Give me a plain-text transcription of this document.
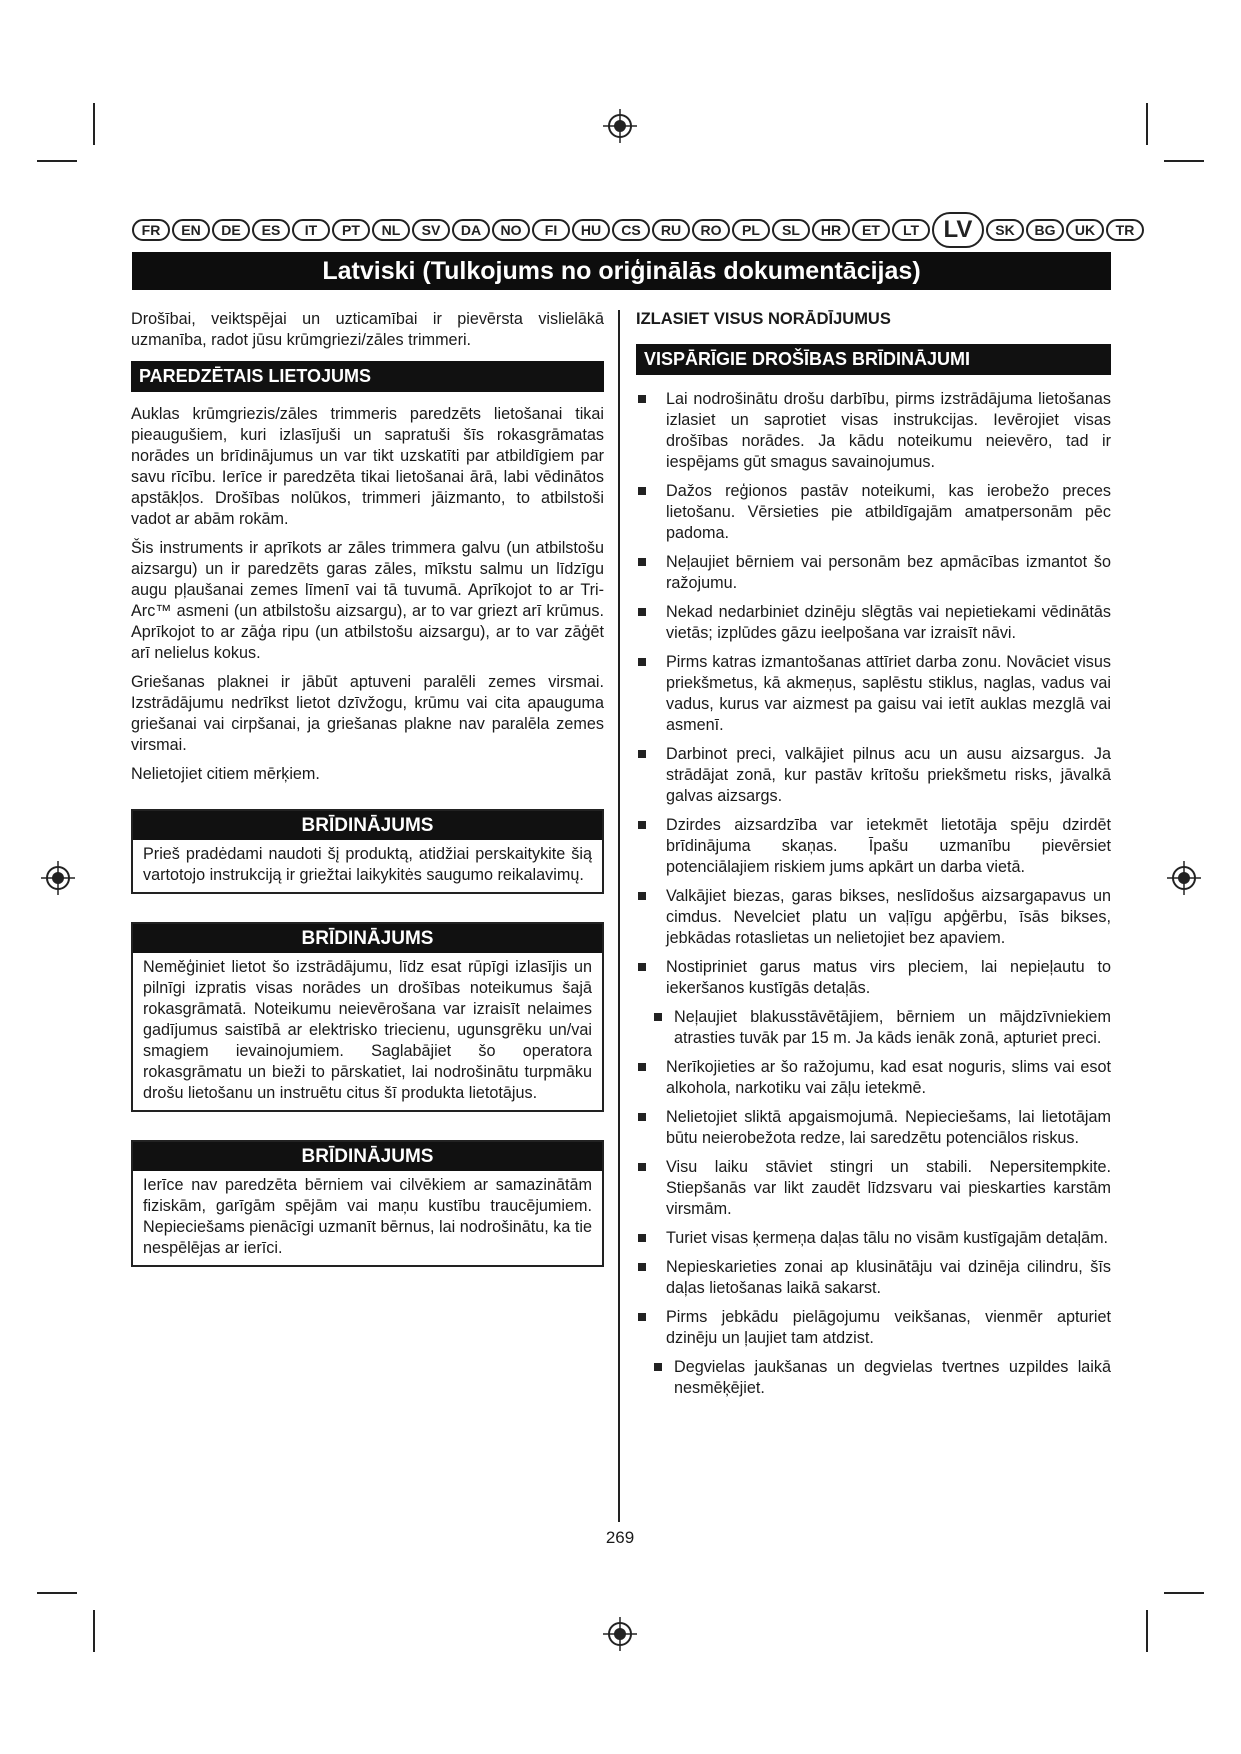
FR	EN	DE	ES	IT	PT	NL	SV	DA	NO	FI	HU	CS	RU	RO	PL	SL	HR	ET	LT	LV	SK	BG	UK	TR
Latviski (Tulkojums no oriģinālās dokumentācijas)

Drošībai, veiktspējai un uzticamībai ir pievērsta vislielākā uzmanība, radot jūsu krūmgriezi/zāles trimmeri.

PAREDZĒTAIS LIETOJUMS

Auklas krūmgriezis/zāles trimmeris paredzēts lietošanai tikai pieaugušiem, kuri izlasījuši un sapratuši šīs rokasgrāmatas norādes un brīdinājumus un var tikt uzskatīti par atbildīgiem par savu rīcību. Ierīce ir paredzēta tikai lietošanai ārā, labi vēdinātos apstākļos. Drošības nolūkos, trimmeri jāizmanto, to atbilstoši vadot ar abām rokām.

Šis instruments ir aprīkots ar zāles trimmera galvu (un atbilstošu aizsargu) un ir paredzēts garas zāles, mīkstu salmu un līdzīgu augu pļaušanai zemes līmenī vai tā tuvumā. Aprīkojot to ar Tri-Arc™ asmeni (un atbilstošu aizsargu), ar to var griezt arī krūmus. Aprīkojot to ar zāģa ripu (un atbilstošu aizsargu), ar to var zāģēt arī nelielus kokus.

Griešanas plaknei ir jābūt aptuveni paralēli zemes virsmai. Izstrādājumu nedrīkst lietot dzīvžogu, krūmu vai cita apauguma griešanai vai cirpšanai, ja griešanas plakne nav paralēla zemes virsmai.

Nelietojiet citiem mērķiem.

BRĪDINĀJUMS

Prieš pradėdami naudoti šį produktą, atidžiai perskaitykite šią vartotojo instrukciją ir griežtai laikykitės saugumo reikalavimų.

BRĪDINĀJUMS

Neměģiniet lietot šo izstrādājumu, līdz esat rūpīgi izlasījis un pilnīgi izpratis visas norādes un drošības noteikumus šajā rokasgrāmatā. Noteikumu neievērošana var izraisīt nelaimes gadījumus saistībā ar elektrisko triecienu, ugunsgrēku un/vai smagiem ievainojumiem. Saglabājiet šo operatora rokasgrāmatu un bieži to pārskatiet, lai nodrošinātu turpmāku drošu lietošanu un instruētu citus šī produkta lietotājus.

BRĪDINĀJUMS

Ierīce nav paredzēta bērniem vai cilvēkiem ar samazinātām fiziskām, garīgām spējām vai maņu kustību traucējumiem. Nepieciešams pienācīgi uzmanīt bērnus, lai nodrošinātu, ka tie nespēlējas ar ierīci.

IZLASIET VISUS NORĀDĪJUMUS
VISPĀRĪGIE DROŠĪBAS BRĪDINĀJUMI
Lai nodrošinātu drošu darbību, pirms izstrādājuma lietošanas izlasiet un saprotiet visas instrukcijas. Ievērojiet visas drošības norādes. Ja kādu noteikumu neievēro, tad ir iespējams gūt smagus savainojumus.
Dažos reģionos pastāv noteikumi, kas ierobežo preces lietošanu. Vērsieties pie atbildīgajām amatpersonām pēc padoma.
Neļaujiet bērniem vai personām bez apmācības izmantot šo ražojumu.
Nekad nedarbiniet dzinēju slēgtās vai nepietiekami vēdinātās vietās; izplūdes gāzu ieelpošana var izraisīt nāvi.
Pirms katras izmantošanas attīriet darba zonu. Novāciet visus priekšmetus, kā akmeņus, saplēstu stiklus, naglas, vadus vai vadus, kurus var aizmest pa gaisu vai ietīt auklas mezglā vai asmenī.
Darbinot preci, valkājiet pilnus acu un ausu aizsargus. Ja strādājat zonā, kur pastāv krītošu priekšmetu risks, jāvalkā galvas aizsargs.
Dzirdes aizsardzība var ietekmēt lietotāja spēju dzirdēt brīdinājuma skaņas. Īpašu uzmanību pievērsiet potenciālajiem riskiem jums apkārt un darba vietā.
Valkājiet biezas, garas bikses, neslīdošus aizsargapavus un cimdus. Nevelciet platu un vaļīgu apģērbu, īsās bikses, jebkādas rotaslietas un nelietojiet bez apaviem.
Nostipriniet garus matus virs pleciem, lai nepieļautu to iekeršanos kustīgās detaļās.
Neļaujiet blakusstāvētājiem, bērniem un mājdzīvniekiem atrasties tuvāk par 15 m. Ja kāds ienāk zonā, apturiet preci.
Nerīkojieties ar šo ražojumu, kad esat noguris, slims vai esot alkohola, narkotiku vai zāļu ietekmē.
Nelietojiet sliktā apgaismojumā. Nepieciešams, lai lietotājam būtu neierobežota redze, lai saredzētu potenciālos riskus.
Visu laiku stāviet stingri un stabili. Nepersitempkite. Stiepšanās var likt zaudēt līdzsvaru vai pieskarties karstām virsmām.
Turiet visas ķermeņa daļas tālu no visām kustīgajām detaļām.
Nepieskarieties zonai ap klusinātāju vai dzinēja cilindru, šīs daļas lietošanas laikā sakarst.
Pirms jebkādu pielāgojumu veikšanas, vienmēr apturiet dzinēju un ļaujiet tam atdzist.
Degvielas jaukšanas un degvielas tvertnes uzpildes laikā nesmēķējiet.
269
